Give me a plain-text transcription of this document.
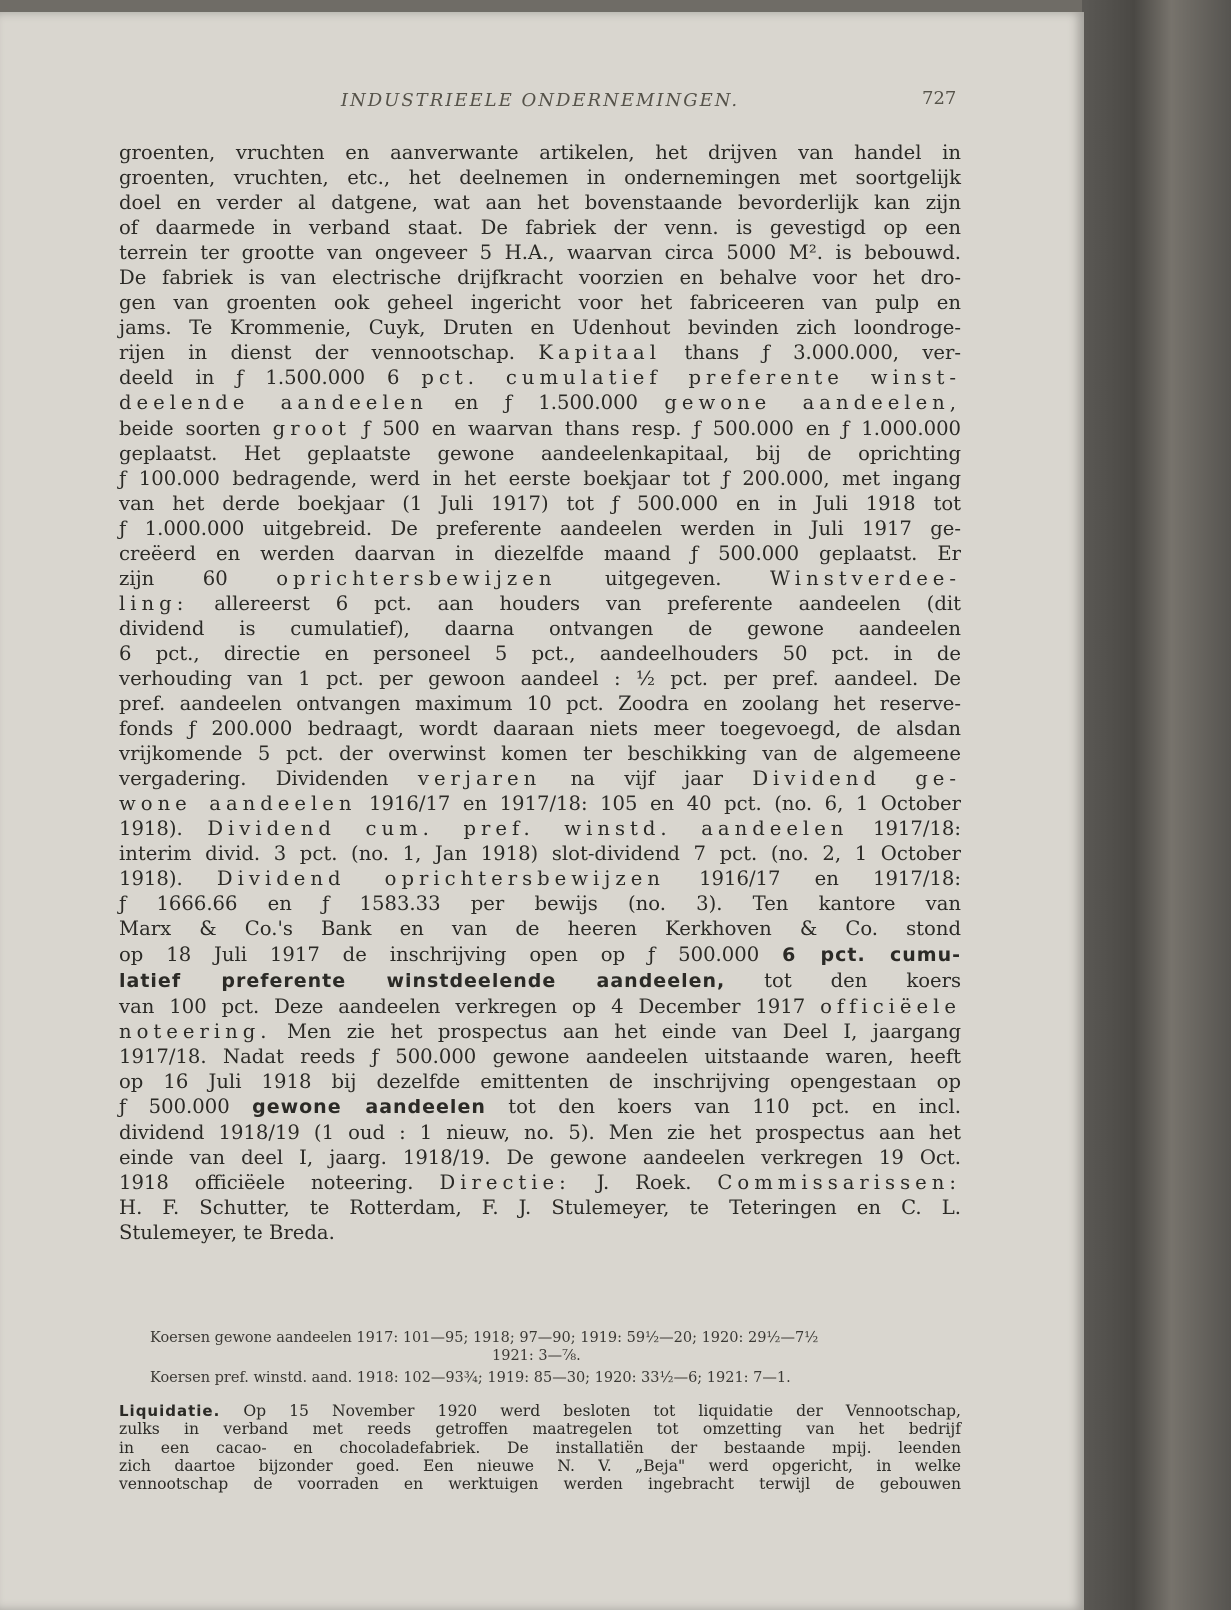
INDUSTRIEELE ONDERNEMINGEN.	727
groenten, vruchten en aanverwante artikelen, het drijven van handel in
groenten, vruchten, etc., het deelnemen in ondernemingen met soortgelijk
doel en verder al datgene, wat aan het bovenstaande bevorderlijk kan zijn
of daarmede in verband staat. De fabriek der venn. is gevestigd op een
terrein ter grootte van ongeveer 5 H.A., waarvan circa 5000 M². is bebouwd.
De fabriek is van electrische drijfkracht voorzien en behalve voor het dro-
gen van groenten ook geheel ingericht voor het fabriceeren van pulp en
jams. Te Krommenie, Cuyk, Druten en Udenhout bevinden zich loondroge-
rijen in dienst der vennootschap. Kapitaal thans ƒ 3.000.000, ver-
deeld in ƒ 1.500.000 6 pct. cumulatief preferente winst-
deelende aandeelen en ƒ 1.500.000 gewone aandeelen,
beide soorten groot ƒ 500 en waarvan thans resp. ƒ 500.000 en ƒ 1.000.000
geplaatst. Het geplaatste gewone aandeelenkapitaal, bij de oprichting
ƒ 100.000 bedragende, werd in het eerste boekjaar tot ƒ 200.000, met ingang
van het derde boekjaar (1 Juli 1917) tot ƒ 500.000 en in Juli 1918 tot
ƒ 1.000.000 uitgebreid. De preferente aandeelen werden in Juli 1917 ge-
creëerd en werden daarvan in diezelfde maand ƒ 500.000 geplaatst. Er
zijn 60 oprichtersbewijzen uitgegeven. Winstverdee-
ling: allereerst 6 pct. aan houders van preferente aandeelen (dit
dividend is cumulatief), daarna ontvangen de gewone aandeelen
6 pct., directie en personeel 5 pct., aandeelhouders 50 pct. in de
verhouding van 1 pct. per gewoon aandeel : ½ pct. per pref. aandeel. De
pref. aandeelen ontvangen maximum 10 pct. Zoodra en zoolang het reserve-
fonds ƒ 200.000 bedraagt, wordt daaraan niets meer toegevoegd, de alsdan
vrijkomende 5 pct. der overwinst komen ter beschikking van de algemeene
vergadering. Dividenden verjaren na vijf jaar Dividend ge-
wone aandeelen 1916/17 en 1917/18: 105 en 40 pct. (no. 6, 1 October
1918). Dividend cum. pref. winstd. aandeelen 1917/18:
interim divid. 3 pct. (no. 1, Jan 1918) slot-dividend 7 pct. (no. 2, 1 October
1918). Dividend oprichtersbewijzen 1916/17 en 1917/18:
ƒ 1666.66 en ƒ 1583.33 per bewijs (no. 3). Ten kantore van
Marx & Co.'s Bank en van de heeren Kerkhoven & Co. stond
op 18 Juli 1917 de inschrijving open op ƒ 500.000 6 pct. cumu-
latief preferente winstdeelende aandeelen, tot den koers
van 100 pct. Deze aandeelen verkregen op 4 December 1917 officiëele
noteering. Men zie het prospectus aan het einde van Deel I, jaargang
1917/18. Nadat reeds ƒ 500.000 gewone aandeelen uitstaande waren, heeft
op 16 Juli 1918 bij dezelfde emittenten de inschrijving opengestaan op
ƒ 500.000 gewone aandeelen tot den koers van 110 pct. en incl.
dividend 1918/19 (1 oud : 1 nieuw, no. 5). Men zie het prospectus aan het
einde van deel I, jaarg. 1918/19. De gewone aandeelen verkregen 19 Oct.
1918 officiëele noteering. Directie: J. Roek. Commissarissen:
H. F. Schutter, te Rotterdam, F. J. Stulemeyer, te Teteringen en C. L.
Stulemeyer, te Breda.
Koersen gewone aandeelen 1917: 101—95; 1918; 97—90; 1919: 59½—20; 1920: 29½—7½
1921: 3—⅞.
Koersen pref. winstd. aand. 1918: 102—93¾; 1919: 85—30; 1920: 33½—6; 1921: 7—1.
Liquidatie. Op 15 November 1920 werd besloten tot liquidatie der Vennootschap,
zulks in verband met reeds getroffen maatregelen tot omzetting van het bedrijf
in een cacao- en chocoladefabriek. De installatiën der bestaande mpij. leenden
zich daartoe bijzonder goed. Een nieuwe N. V. „Beja" werd opgericht, in welke
vennootschap de voorraden en werktuigen werden ingebracht terwijl de gebouwen
